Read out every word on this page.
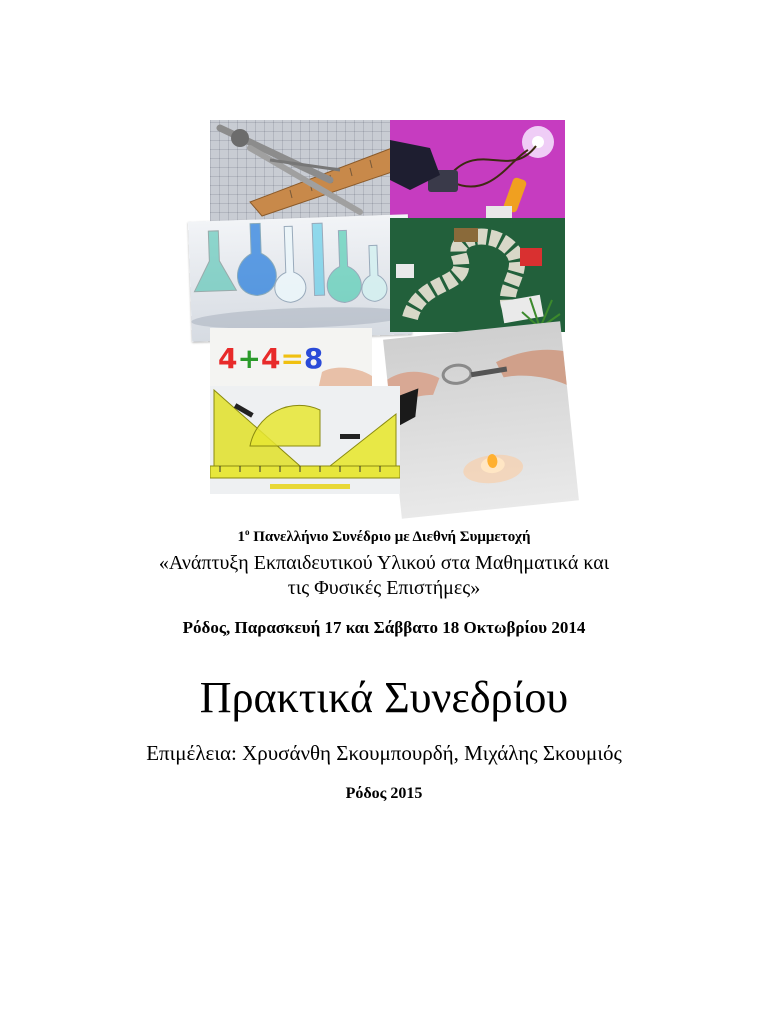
4+4=8
$1^o$ Πανελλήνιο Συνέδριο με Διεθνή Συμμετοχή
«Ανάπτυξη Εκπαιδευτικού Υλικού στα Μαθηματικά και
τις Φυσικές Επιστήμες»
Ρόδος, Παρασκευή 17 και Σάββατο 18 Οκτωβρίου 2014
Πρακτικά Συνεδρίου
Επιμέλεια: Χρυσάνθη Σκουμπουρδή, Μιχάλης Σκουμιός
Ρόδος 2015
